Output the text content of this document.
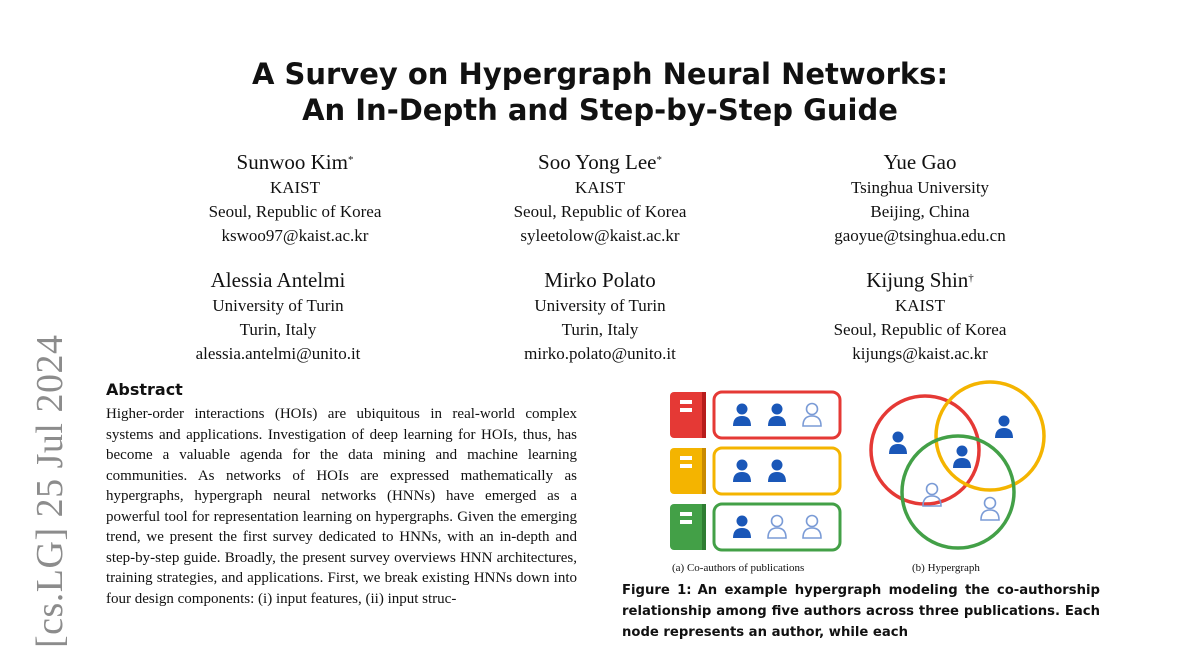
A Survey on Hypergraph Neural Networks:
An In-Depth and Step-by-Step Guide
Sunwoo Kim*
KAIST
Seoul, Republic of Korea
kswoo97@kaist.ac.kr
Soo Yong Lee*
KAIST
Seoul, Republic of Korea
syleetolow@kaist.ac.kr
Yue Gao
Tsinghua University
Beijing, China
gaoyue@tsinghua.edu.cn
Alessia Antelmi
University of Turin
Turin, Italy
alessia.antelmi@unito.it
Mirko Polato
University of Turin
Turin, Italy
mirko.polato@unito.it
Kijung Shin†
KAIST
Seoul, Republic of Korea
kijungs@kaist.ac.kr
[cs.LG] 25 Jul 2024 Abstract
Higher-order interactions (HOIs) are ubiquitous in real-world complex systems and applications. Investigation of deep learning for HOIs, thus, has become a valuable agenda for the data mining and machine learning communities. As networks of HOIs are expressed mathematically as hypergraphs, hypergraph neural networks (HNNs) have emerged as a powerful tool for representation learning on hypergraphs. Given the emerging trend, we present the first survey dedicated to HNNs, with an in-depth and step-by-step guide. Broadly, the present survey overviews HNN architectures, training strategies, and applications. First, we break existing HNNs down into four design components: (i) input features, (ii) input struc-
(a) Co-authors of publications	(b) Hypergraph
Figure 1: An example hypergraph modeling the co-authorship relationship among five authors across three publications. Each node represents an author, while each
